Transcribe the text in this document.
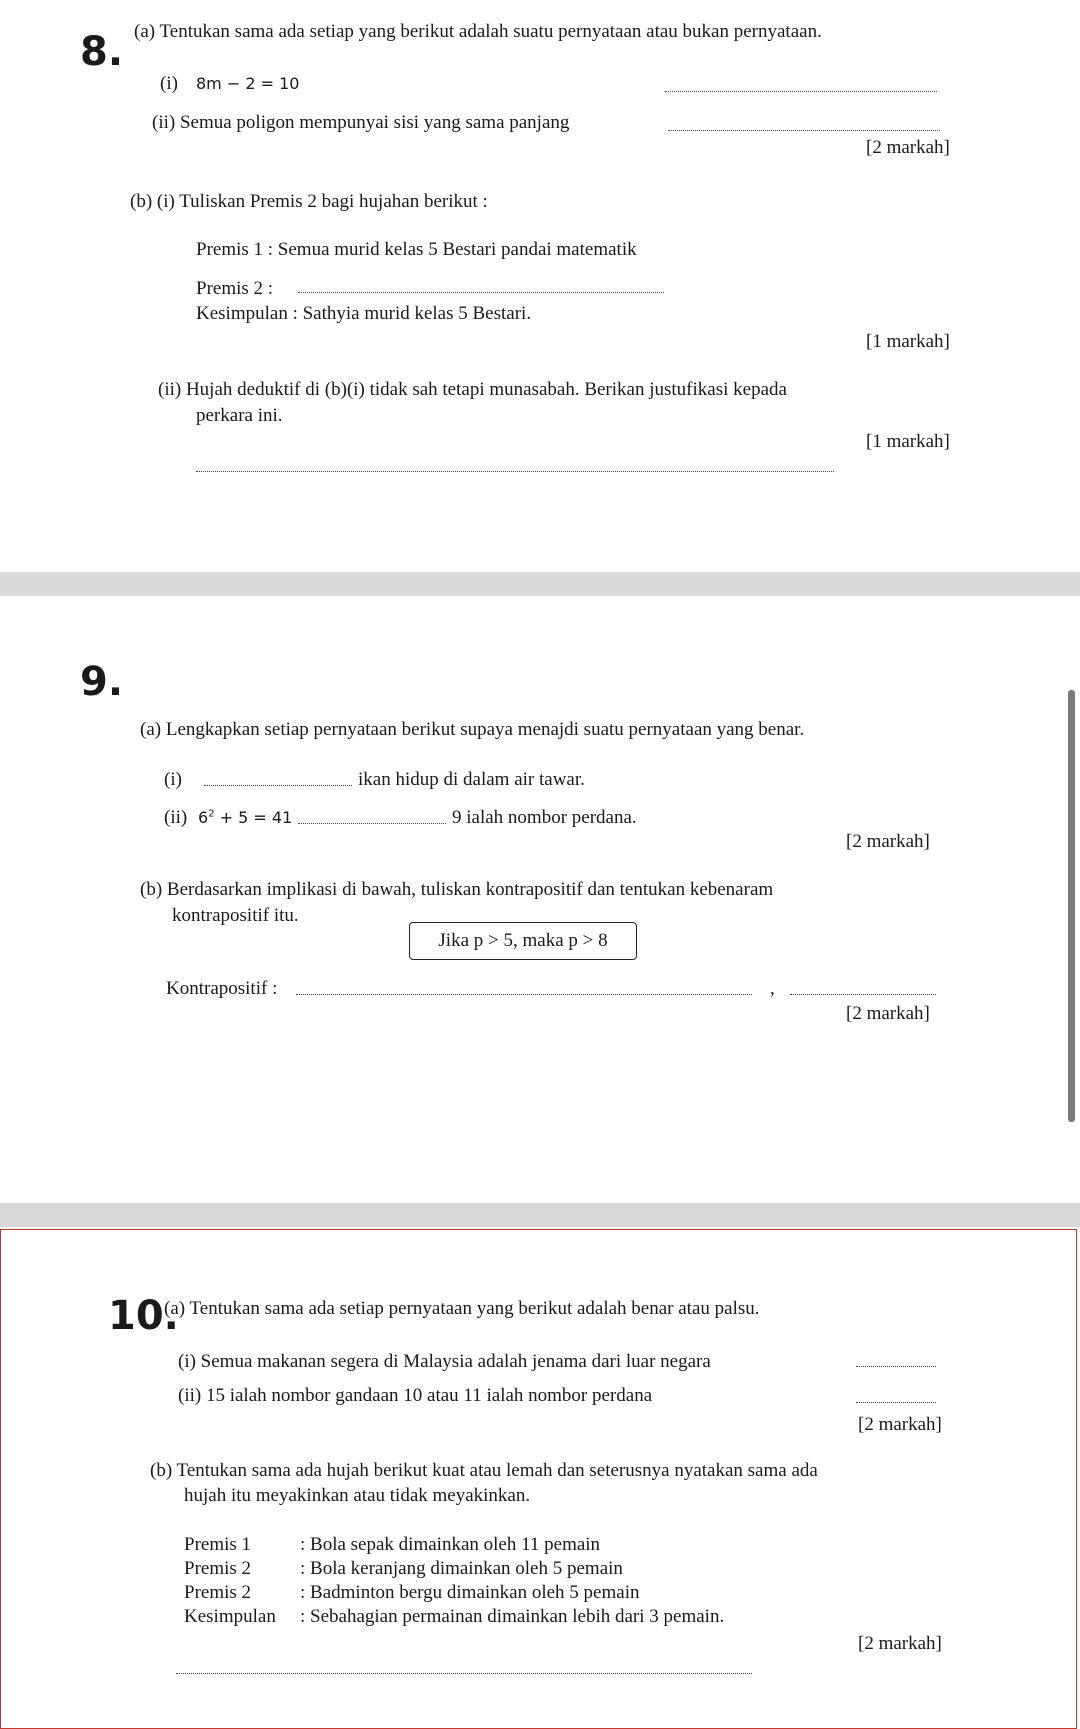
8. (a) Tentukan sama ada setiap yang berikut adalah suatu pernyataan atau bukan pernyataan.
(i) 8m − 2 = 10
(ii) Semua poligon mempunyai sisi yang sama panjang
[2 markah]
(b) (i) Tuliskan Premis 2 bagi hujahan berikut :
Premis 1 : Semua murid kelas 5 Bestari pandai matematik
Premis 2 :
Kesimpulan : Sathyia murid kelas 5 Bestari.
[1 markah]
(ii) Hujah deduktif di (b)(i) tidak sah tetapi munasabah. Berikan justufikasi kepada
perkara ini.
[1 markah]
9.
(a) Lengkapkan setiap pernyataan berikut supaya menajdi suatu pernyataan yang benar.
(i)	ikan hidup di dalam air tawar.
(ii) $6^2 + 5 = 41$	9 ialah nombor perdana.
[2 markah]
(b) Berdasarkan implikasi di bawah, tuliskan kontrapositif dan tentukan kebenaram
kontrapositif itu.
Jika p > 5, maka p > 8
Kontrapositif :	,
[2 markah]
10.
(a) Tentukan sama ada setiap pernyataan yang berikut adalah benar atau palsu.
(i) Semua makanan segera di Malaysia adalah jenama dari luar negara
(ii) 15 ialah nombor gandaan 10 atau 11 ialah nombor perdana
[2 markah]
(b) Tentukan sama ada hujah berikut kuat atau lemah dan seterusnya nyatakan sama ada
hujah itu meyakinkan atau tidak meyakinkan.
Premis 1	: Bola sepak dimainkan oleh 11 pemain
Premis 2	: Bola keranjang dimainkan oleh 5 pemain
Premis 2	: Badminton bergu dimainkan oleh 5 pemain
Kesimpulan : Sebahagian permainan dimainkan lebih dari 3 pemain.
[2 markah]
